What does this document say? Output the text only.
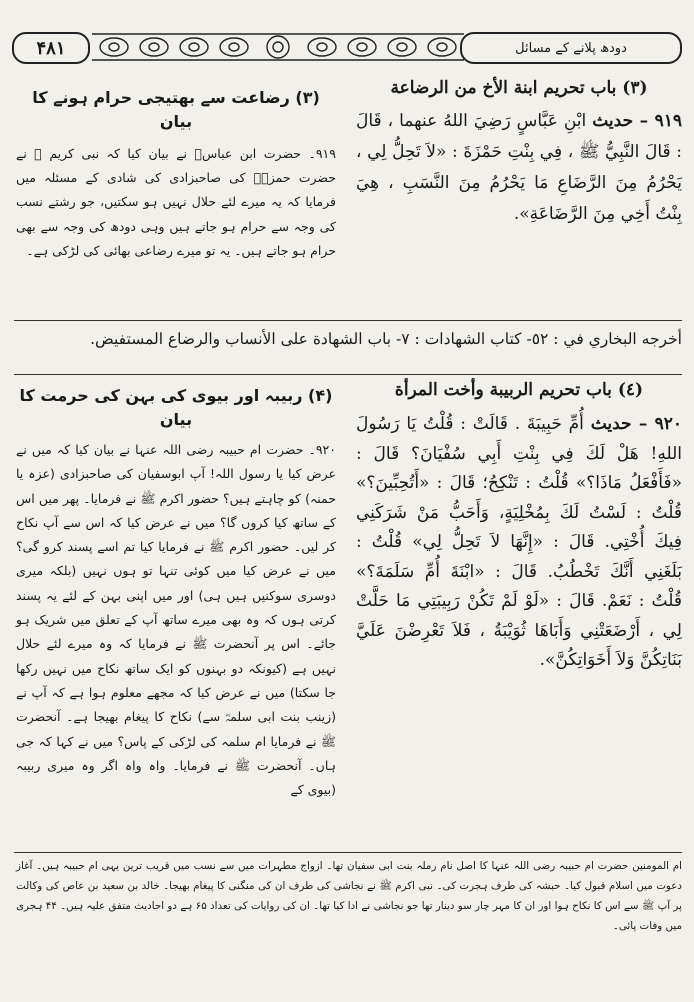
۴۸۱	دودھ پلانے کے مسائل
(٣) باب تحريم ابنة الأخ من الرضاعة

٩١٩ – حديث ابْنِ عَبَّاسٍ رَضِيَ اللهُ عنهما ، قَالَ : قَالَ النَّبِيُّ ﷺ ، فِي بِنْتِ حَمْزَةَ : «لاَ تَحِلُّ لِي ، يَحْرُمُ مِنَ الرَّضَاعِ مَا يَحْرُمُ مِنَ النَّسَبِ ، هِيَ بِنْتُ أَخِي مِنَ الرَّضَاعَةِ».

(۳) رضاعت سے بھتیجی حرام ہونے کا بیان

۹۱۹۔ حضرت ابن عباسؓ نے بیان کیا کہ نبی کریم ﷺ نے حضرت حمزہؓ کی صاحبزادی کی شادی کے مسئلہ میں فرمایا کہ یہ میرے لئے حلال نہیں ہو سکتیں، جو رشتے نسب کی وجہ سے حرام ہو جاتے ہیں وہی دودھ کی وجہ سے بھی حرام ہو جاتے ہیں۔ یہ تو میرے رضاعی بھائی کی لڑکی ہے۔

أخرجه البخاري في : ٥٢- كتاب الشهادات : ٧- باب الشهادة على الأنساب والرضاع المستفيض.

(٤) باب تحريم الربيبة وأخت المرأة

٩٢٠ – حديث أُمِّ حَبِيبَةَ . قَالَتْ : قُلْتُ يَا رَسُولَ اللهِ! هَلْ لَكَ فِي بِنْتِ أَبِي سُفْيَانَ؟ قَالَ : «فَأَفْعَلُ مَاذَا؟» قُلْتُ : تَنْكِحُ؛ قَالَ : «أَتُحِبِّينَ؟» قُلْتُ : لَسْتُ لَكَ بِمُخْلِيَةٍ، وَأَحَبُّ مَنْ شَرَكَنِي فِيكَ أُخْتِي. قَالَ : «إِنَّهَا لاَ تَحِلُّ لِي» قُلْتُ : بَلَغَنِي أَنَّكَ تَخْطُبُ. قَالَ : «ابْنَةَ أُمِّ سَلَمَةَ؟» قُلْتُ : نَعَمْ. قَالَ : «لَوْ لَمْ تَكُنْ رَبِيبَتِي مَا حَلَّتْ لِي ، أَرْضَعَتْنِي وَأَبَاهَا ثُوَيْبَةُ ، فَلاَ تَعْرِضْنَ عَلَيَّ بَنَاتِكُنَّ وَلاَ أَخَوَاتِكُنَّ».

(۴) ربیبہ اور بیوی کی بہن کی حرمت کا بیان

۹۲۰۔ حضرت ام حبیبہ رضی اللہ عنہا نے بیان کیا کہ میں نے عرض کیا یا رسول اللہ! آپ ابوسفیان کی صاحبزادی (عزہ یا حمنہ) کو چاہتے ہیں؟ حضور اکرم ﷺ نے فرمایا۔ پھر میں اس کے ساتھ کیا کروں گا؟ میں نے عرض کیا کہ اس سے آپ نکاح کر لیں۔ حضور اکرم ﷺ نے فرمایا کیا تم اسے پسند کرو گی؟ میں نے عرض کیا میں کوئی تنہا تو ہوں نہیں (بلکہ میری دوسری سوکنیں ہیں ہی) اور میں اپنی بہن کے لئے یہ پسند کرتی ہوں کہ وہ بھی میرے ساتھ آپ کے تعلق میں شریک ہو جائے۔ اس پر آنحضرت ﷺ نے فرمایا کہ وہ میرے لئے حلال نہیں ہے (کیونکہ دو بہنوں کو ایک ساتھ نکاح میں نہیں رکھا جا سکتا) میں نے عرض کیا کہ مجھے معلوم ہوا ہے کہ آپ نے (زینب بنت ابی سلمہؓ سے) نکاح کا پیغام بھیجا ہے۔ آنحضرت ﷺ نے فرمایا ام سلمہ کی لڑکی کے پاس؟ میں نے کہا کہ جی ہاں۔ آنحضرت ﷺ نے فرمایا۔ واہ واہ اگر وہ میری ربیبہ (بیوی کے

ام المومنین حضرت ام حبیبہ رضی اللہ عنہا کا اصل نام رملہ بنت ابی سفیان تھا۔ ازواج مطہرات میں سے نسب میں قریب ترین یہی ام حبیبہ ہیں۔ آغاز دعوت میں اسلام قبول کیا۔ حبشہ کی طرف ہجرت کی۔ نبی اکرم ﷺ نے نجاشی کی طرف ان کی منگنی کا پیغام بھیجا۔ خالد بن سعید بن عاص کی وکالت پر آپ ﷺ سے اس کا نکاح ہوا اور ان کا مہر چار سو دینار تھا جو نجاشی نے ادا کیا تھا۔ ان کی روایات کی تعداد ۶۵ ہے دو احادیث متفق علیہ ہیں۔ ۴۴ ہجری میں وفات پائی۔
